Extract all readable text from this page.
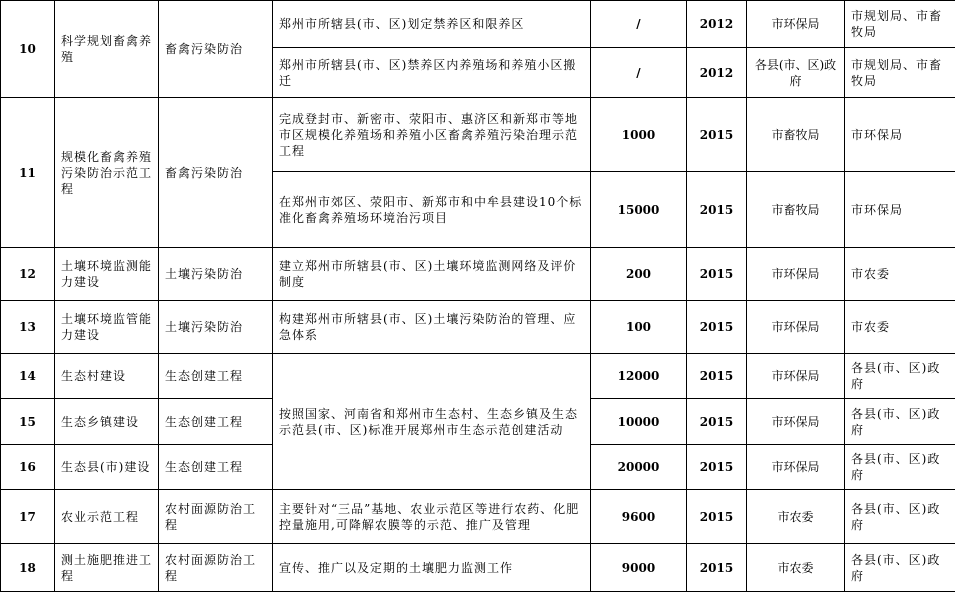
10	科学规划畜禽养殖	畜禽污染防治	郑州市所辖县(市、区)划定禁养区和限养区	/	2012	市环保局	市规划局、市畜牧局
			郑州市所辖县(市、区)禁养区内养殖场和养殖小区搬迁	/	2012	各县(市、区)政府	市规划局、市畜牧局
11	规模化畜禽养殖污染防治示范工程	畜禽污染防治	完成登封市、新密市、荥阳市、惠济区和新郑市等地市区规模化养殖场和养殖小区畜禽养殖污染治理示范工程	1000	2015	市畜牧局	市环保局
			在郑州市郊区、荥阳市、新郑市和中牟县建设10个标准化畜禽养殖场环境治污项目	15000	2015	市畜牧局	市环保局
12	土壤环境监测能力建设	土壤污染防治	建立郑州市所辖县(市、区)土壤环境监测网络及评价制度	200	2015	市环保局	市农委
13	土壤环境监管能力建设	土壤污染防治	构建郑州市所辖县(市、区)土壤污染防治的管理、应急体系	100	2015	市环保局	市农委
14	生态村建设	生态创建工程	按照国家、河南省和郑州市生态村、生态乡镇及生态示范县(市、区)标准开展郑州市生态示范创建活动	12000	2015	市环保局	各县(市、区)政府
15	生态乡镇建设	生态创建工程		10000	2015	市环保局	各县(市、区)政府
16	生态县(市)建设	生态创建工程		20000	2015	市环保局	各县(市、区)政府
17	农业示范工程	农村面源防治工程	主要针对“三品”基地、农业示范区等进行农药、化肥控量施用,可降解农膜等的示范、推广及管理	9600	2015	市农委	各县(市、区)政府
18	测土施肥推进工程	农村面源防治工程	宣传、推广以及定期的土壤肥力监测工作	9000	2015	市农委	各县(市、区)政府
